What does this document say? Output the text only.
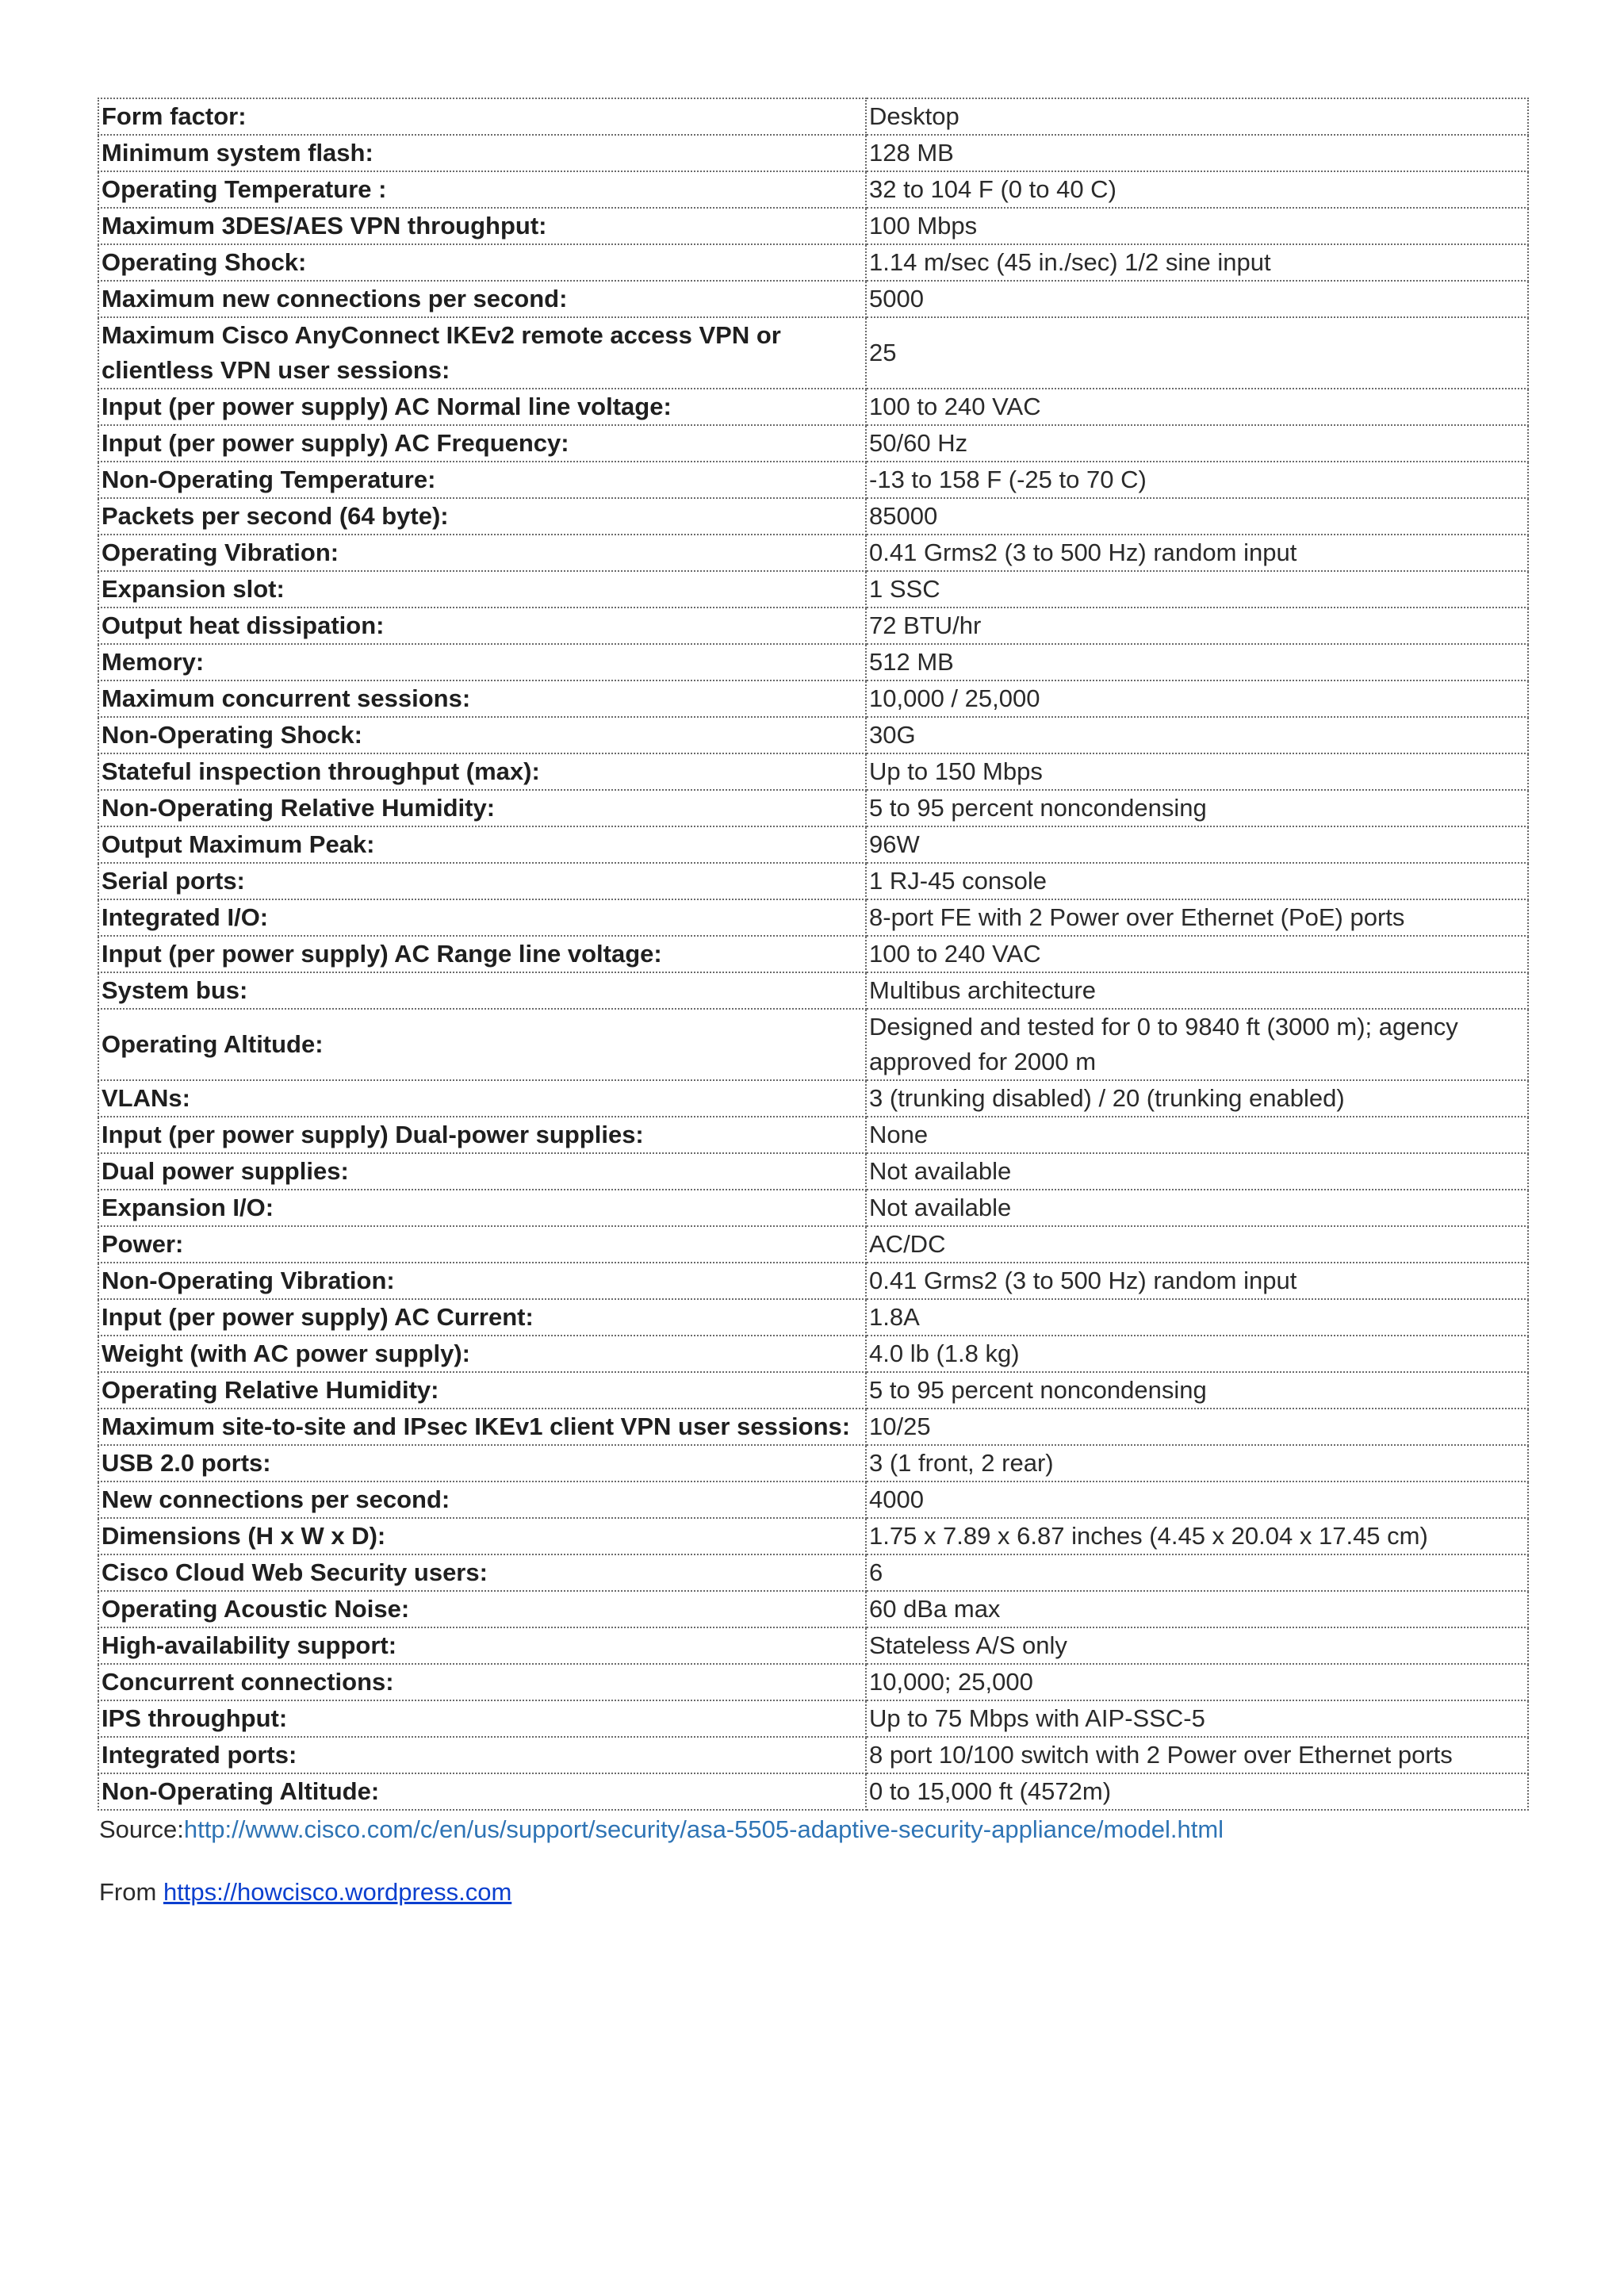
Form factor:	Desktop
Minimum system flash:	128 MB
Operating Temperature :	32 to 104 F (0 to 40 C)
Maximum 3DES/AES VPN throughput:	100 Mbps
Operating Shock:	1.14 m/sec (45 in./sec) 1/2 sine input
Maximum new connections per second:	5000
Maximum Cisco AnyConnect IKEv2 remote access VPN or clientless VPN user sessions:	25
Input (per power supply) AC Normal line voltage:	100 to 240 VAC
Input (per power supply) AC Frequency:	50/60 Hz
Non-Operating Temperature:	-13 to 158 F (-25 to 70 C)
Packets per second (64 byte):	85000
Operating Vibration:	0.41 Grms2 (3 to 500 Hz) random input
Expansion slot:	1 SSC
Output heat dissipation:	72 BTU/hr
Memory:	512 MB
Maximum concurrent sessions:	10,000 / 25,000
Non-Operating Shock:	30G
Stateful inspection throughput (max):	Up to 150 Mbps
Non-Operating Relative Humidity:	5 to 95 percent noncondensing
Output Maximum Peak:	96W
Serial ports:	1 RJ-45 console
Integrated I/O:	8-port FE with 2 Power over Ethernet (PoE) ports
Input (per power supply) AC Range line voltage:	100 to 240 VAC
System bus:	Multibus architecture
Operating Altitude:	Designed and tested for 0 to 9840 ft (3000 m); agency approved for 2000 m
VLANs:	3 (trunking disabled) / 20 (trunking enabled)
Input (per power supply) Dual-power supplies:	None
Dual power supplies:	Not available
Expansion I/O:	Not available
Power:	AC/DC
Non-Operating Vibration:	0.41 Grms2 (3 to 500 Hz) random input
Input (per power supply) AC Current:	1.8A
Weight (with AC power supply):	4.0 lb (1.8 kg)
Operating Relative Humidity:	5 to 95 percent noncondensing
Maximum site-to-site and IPsec IKEv1 client VPN user sessions:	10/25
USB 2.0 ports:	3 (1 front, 2 rear)
New connections per second:	4000
Dimensions (H x W x D):	1.75 x 7.89 x 6.87 inches (4.45 x 20.04 x 17.45 cm)
Cisco Cloud Web Security users:	6
Operating Acoustic Noise:	60 dBa max
High-availability support:	Stateless A/S only
Concurrent connections:	10,000; 25,000
IPS throughput:	Up to 75 Mbps with AIP-SSC-5
Integrated ports:	8 port 10/100 switch with 2 Power over Ethernet ports
Non-Operating Altitude:	0 to 15,000 ft (4572m)
Source:http://www.cisco.com/c/en/us/support/security/asa-5505-adaptive-security-appliance/model.html
From https://howcisco.wordpress.com
